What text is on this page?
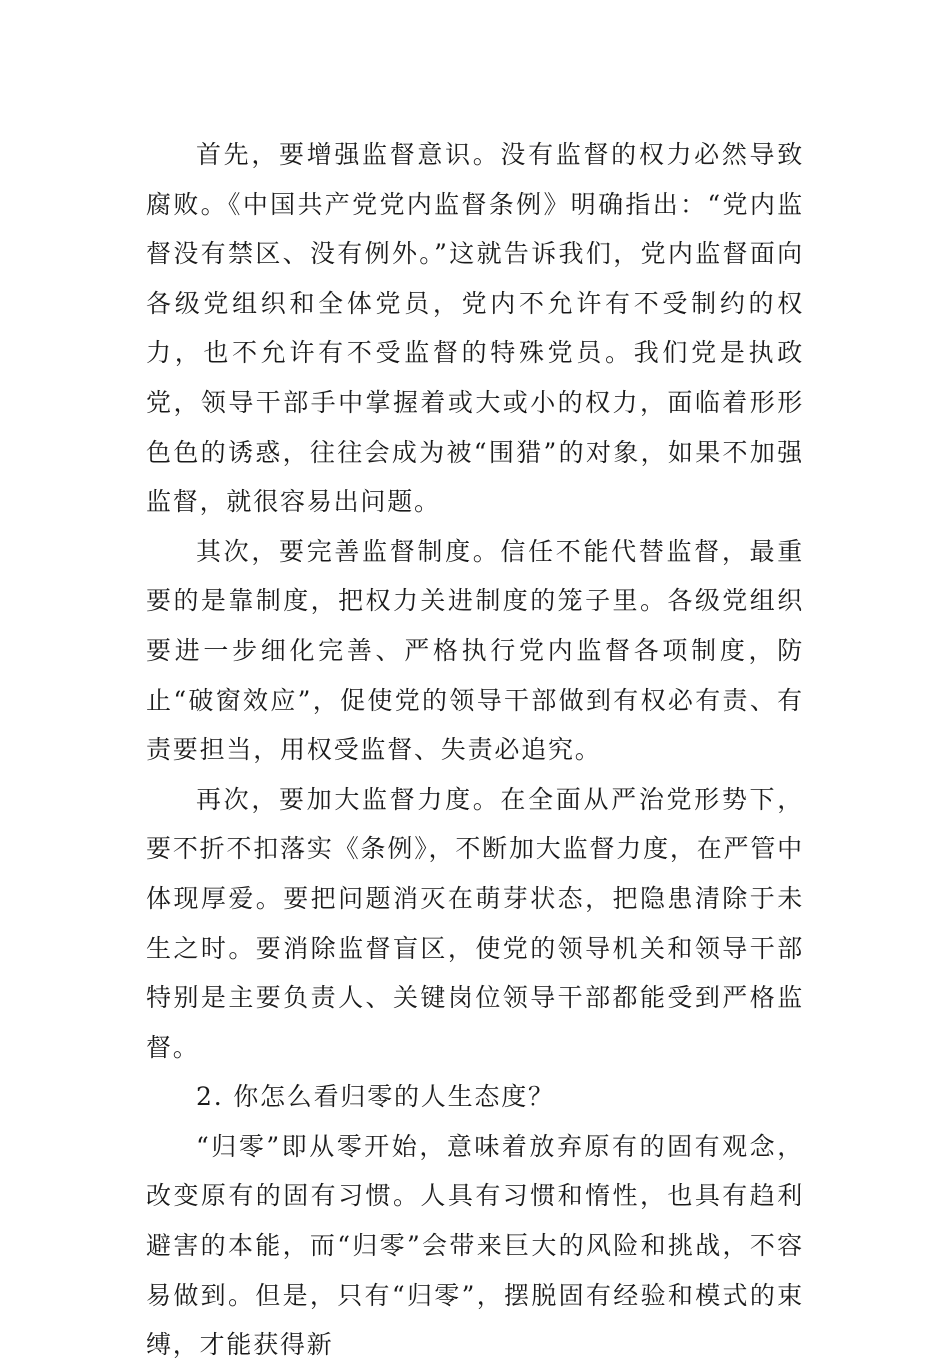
首先，要增强监督意识。没有监督的权力必然导致腐败。《中国共产党党内监督条例》明确指出：“党内监督没有禁区、没有例外。”这就告诉我们，党内监督面向各级党组织和全体党员，党内不允许有不受制约的权力，也不允许有不受监督的特殊党员。我们党是执政党，领导干部手中掌握着或大或小的权力，面临着形形色色的诱惑，往往会成为被“围猎”的对象，如果不加强监督，就很容易出问题。

其次，要完善监督制度。信任不能代替监督，最重要的是靠制度，把权力关进制度的笼子里。各级党组织要进一步细化完善、严格执行党内监督各项制度，防止“破窗效应”，促使党的领导干部做到有权必有责、有责要担当，用权受监督、失责必追究。

再次，要加大监督力度。在全面从严治党形势下，要不折不扣落实《条例》，不断加大监督力度，在严管中体现厚爱。要把问题消灭在萌芽状态，把隐患清除于未生之时。要消除监督盲区，使党的领导机关和领导干部特别是主要负责人、关键岗位领导干部都能受到严格监督。

2. 你怎么看归零的人生态度？

“归零”即从零开始，意味着放弃原有的固有观念，改变原有的固有习惯。人具有习惯和惰性，也具有趋利避害的本能，而“归零”会带来巨大的风险和挑战，不容易做到。但是，只有“归零”，摆脱固有经验和模式的束缚，才能获得新
